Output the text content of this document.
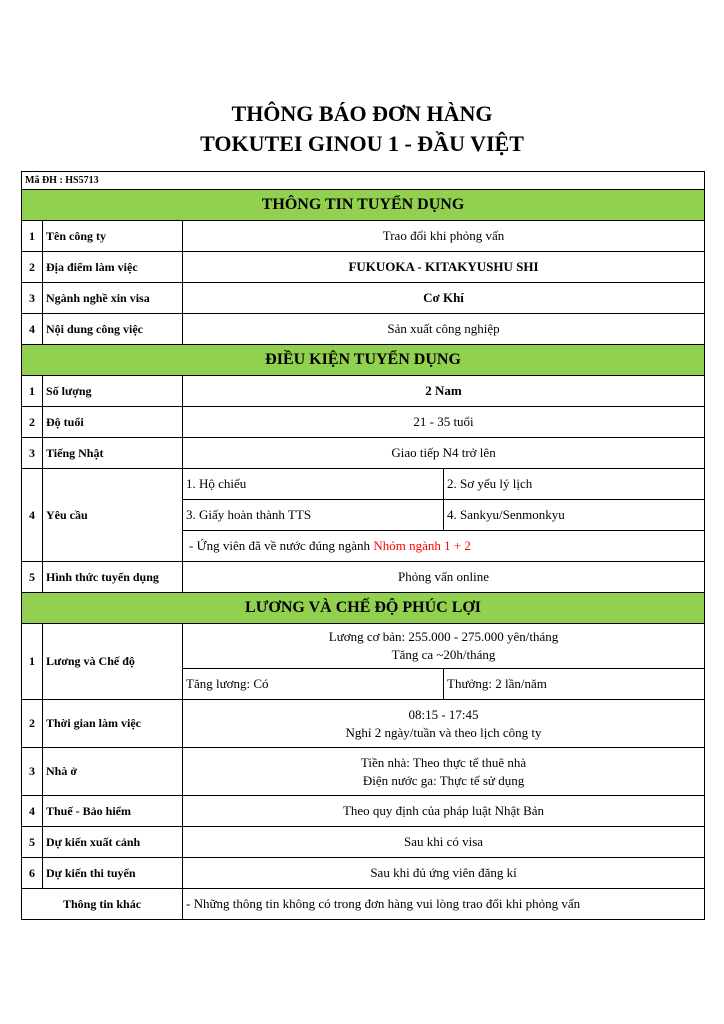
THÔNG BÁO ĐƠN HÀNG
TOKUTEI GINOU 1 - ĐẦU VIỆT
Mã ĐH : HS5713			
THÔNG TIN TUYỂN DỤNG			
1	Tên công ty	Trao đổi khi phỏng vấn	
2	Địa điểm làm việc	FUKUOKA - KITAKYUSHU SHI	
3	Ngành nghề xin visa	Cơ Khí	
4	Nội dung công việc	Sản xuất công nghiệp	
ĐIỀU KIỆN TUYỂN DỤNG			
1	Số lượng	2 Nam	
2	Độ tuổi	21 - 35 tuổi	
3	Tiếng Nhật	Giao tiếp N4 trở lên	
4	Yêu cầu	1. Hộ chiếu	2. Sơ yếu lý lịch
		3. Giấy hoàn thành TTS	4. Sankyu/Senmonkyu
		- Ứng viên đã về nước đúng ngành Nhóm ngành 1 + 2	
5	Hình thức tuyển dụng	Phỏng vấn online	
LƯƠNG VÀ CHẾ ĐỘ PHÚC LỢI			
1	Lương và Chế độ	Lương cơ bản: 255.000 - 275.000 yên/tháng
Tăng ca ~20h/tháng	

		Tăng lương: Có	Thưởng: 2 lần/năm
2	Thời gian làm việc	08:15 - 17:45
Nghỉ 2 ngày/tuần và theo lịch công ty	

3	Nhà ở	Tiền nhà: Theo thực tế thuê nhà
Điện nước ga: Thực tế sử dụng	

4	Thuế - Bảo hiểm	Theo quy định của pháp luật Nhật Bản	
5	Dự kiến xuất cảnh	Sau khi có visa	
6	Dự kiến thi tuyển	Sau khi đủ ứng viên đăng kí	
Thông tin khác		- Những thông tin không có trong đơn hàng vui lòng trao đổi khi phỏng vấn	
